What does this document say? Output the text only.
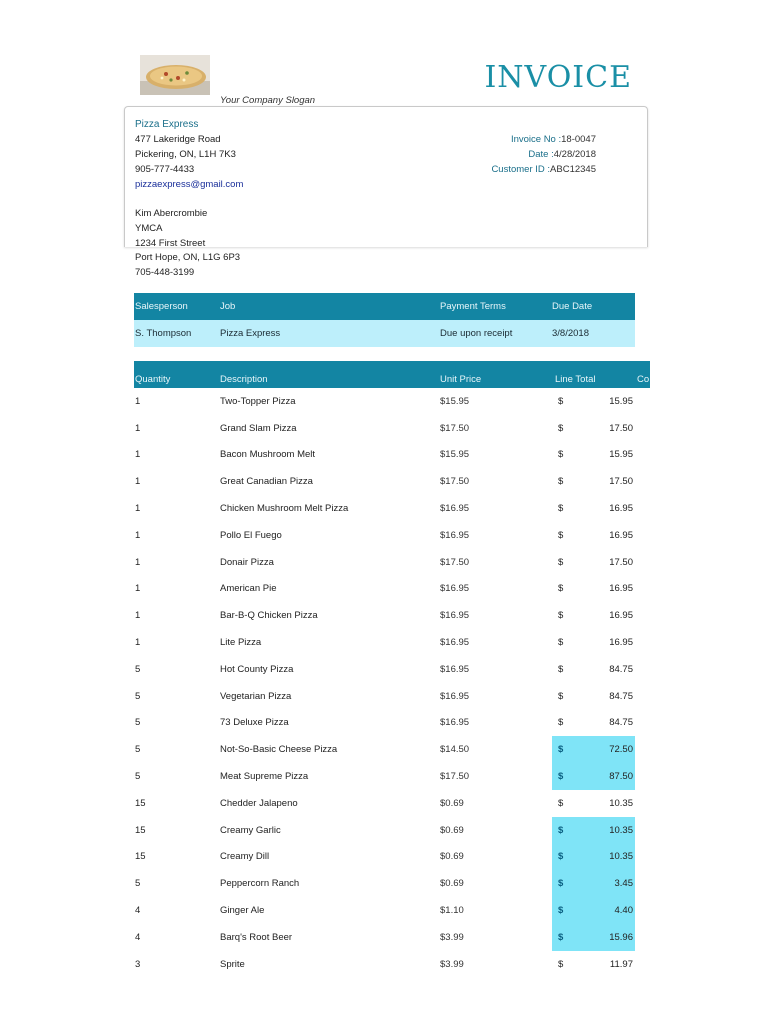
Your Company Slogan
INVOICE
Pizza Express
477 Lakeridge Road
Pickering, ON, L1H 7K3
905-777-4433
pizzaexpress@gmail.com
Invoice No :18-0047
Date :4/28/2018
Customer ID :ABC12345
Kim Abercrombie
YMCA
1234 First Street
Port Hope, ON, L1G 6P3
705-448-3199
Salesperson	Job	Payment Terms	Due Date
S. Thompson	Pizza Express	Due upon receipt	3/8/2018
Quantity	Description	Unit Price	Line Total	Co
1	Two-Topper Pizza	$15.95	$	15.95
1	Grand Slam Pizza	$17.50	$	17.50
1	Bacon Mushroom Melt	$15.95	$	15.95
1	Great Canadian Pizza	$17.50	$	17.50
1	Chicken Mushroom Melt Pizza	$16.95	$	16.95
1	Pollo El Fuego	$16.95	$	16.95
1	Donair Pizza	$17.50	$	17.50
1	American Pie	$16.95	$	16.95
1	Bar-B-Q Chicken Pizza	$16.95	$	16.95
1	Lite Pizza	$16.95	$	16.95
5	Hot County Pizza	$16.95	$	84.75
5	Vegetarian Pizza	$16.95	$	84.75
5	73 Deluxe Pizza	$16.95	$	84.75
5	Not-So-Basic Cheese Pizza	$14.50	$	72.50
5	Meat Supreme Pizza	$17.50	$	87.50
15	Chedder Jalapeno	$0.69	$	10.35
15	Creamy Garlic	$0.69	$	10.35
15	Creamy Dill	$0.69	$	10.35
5	Peppercorn Ranch	$0.69	$	3.45
4	Ginger Ale	$1.10	$	4.40
4	Barq's Root Beer	$3.99	$	15.96
3	Sprite	$3.99	$	11.97
